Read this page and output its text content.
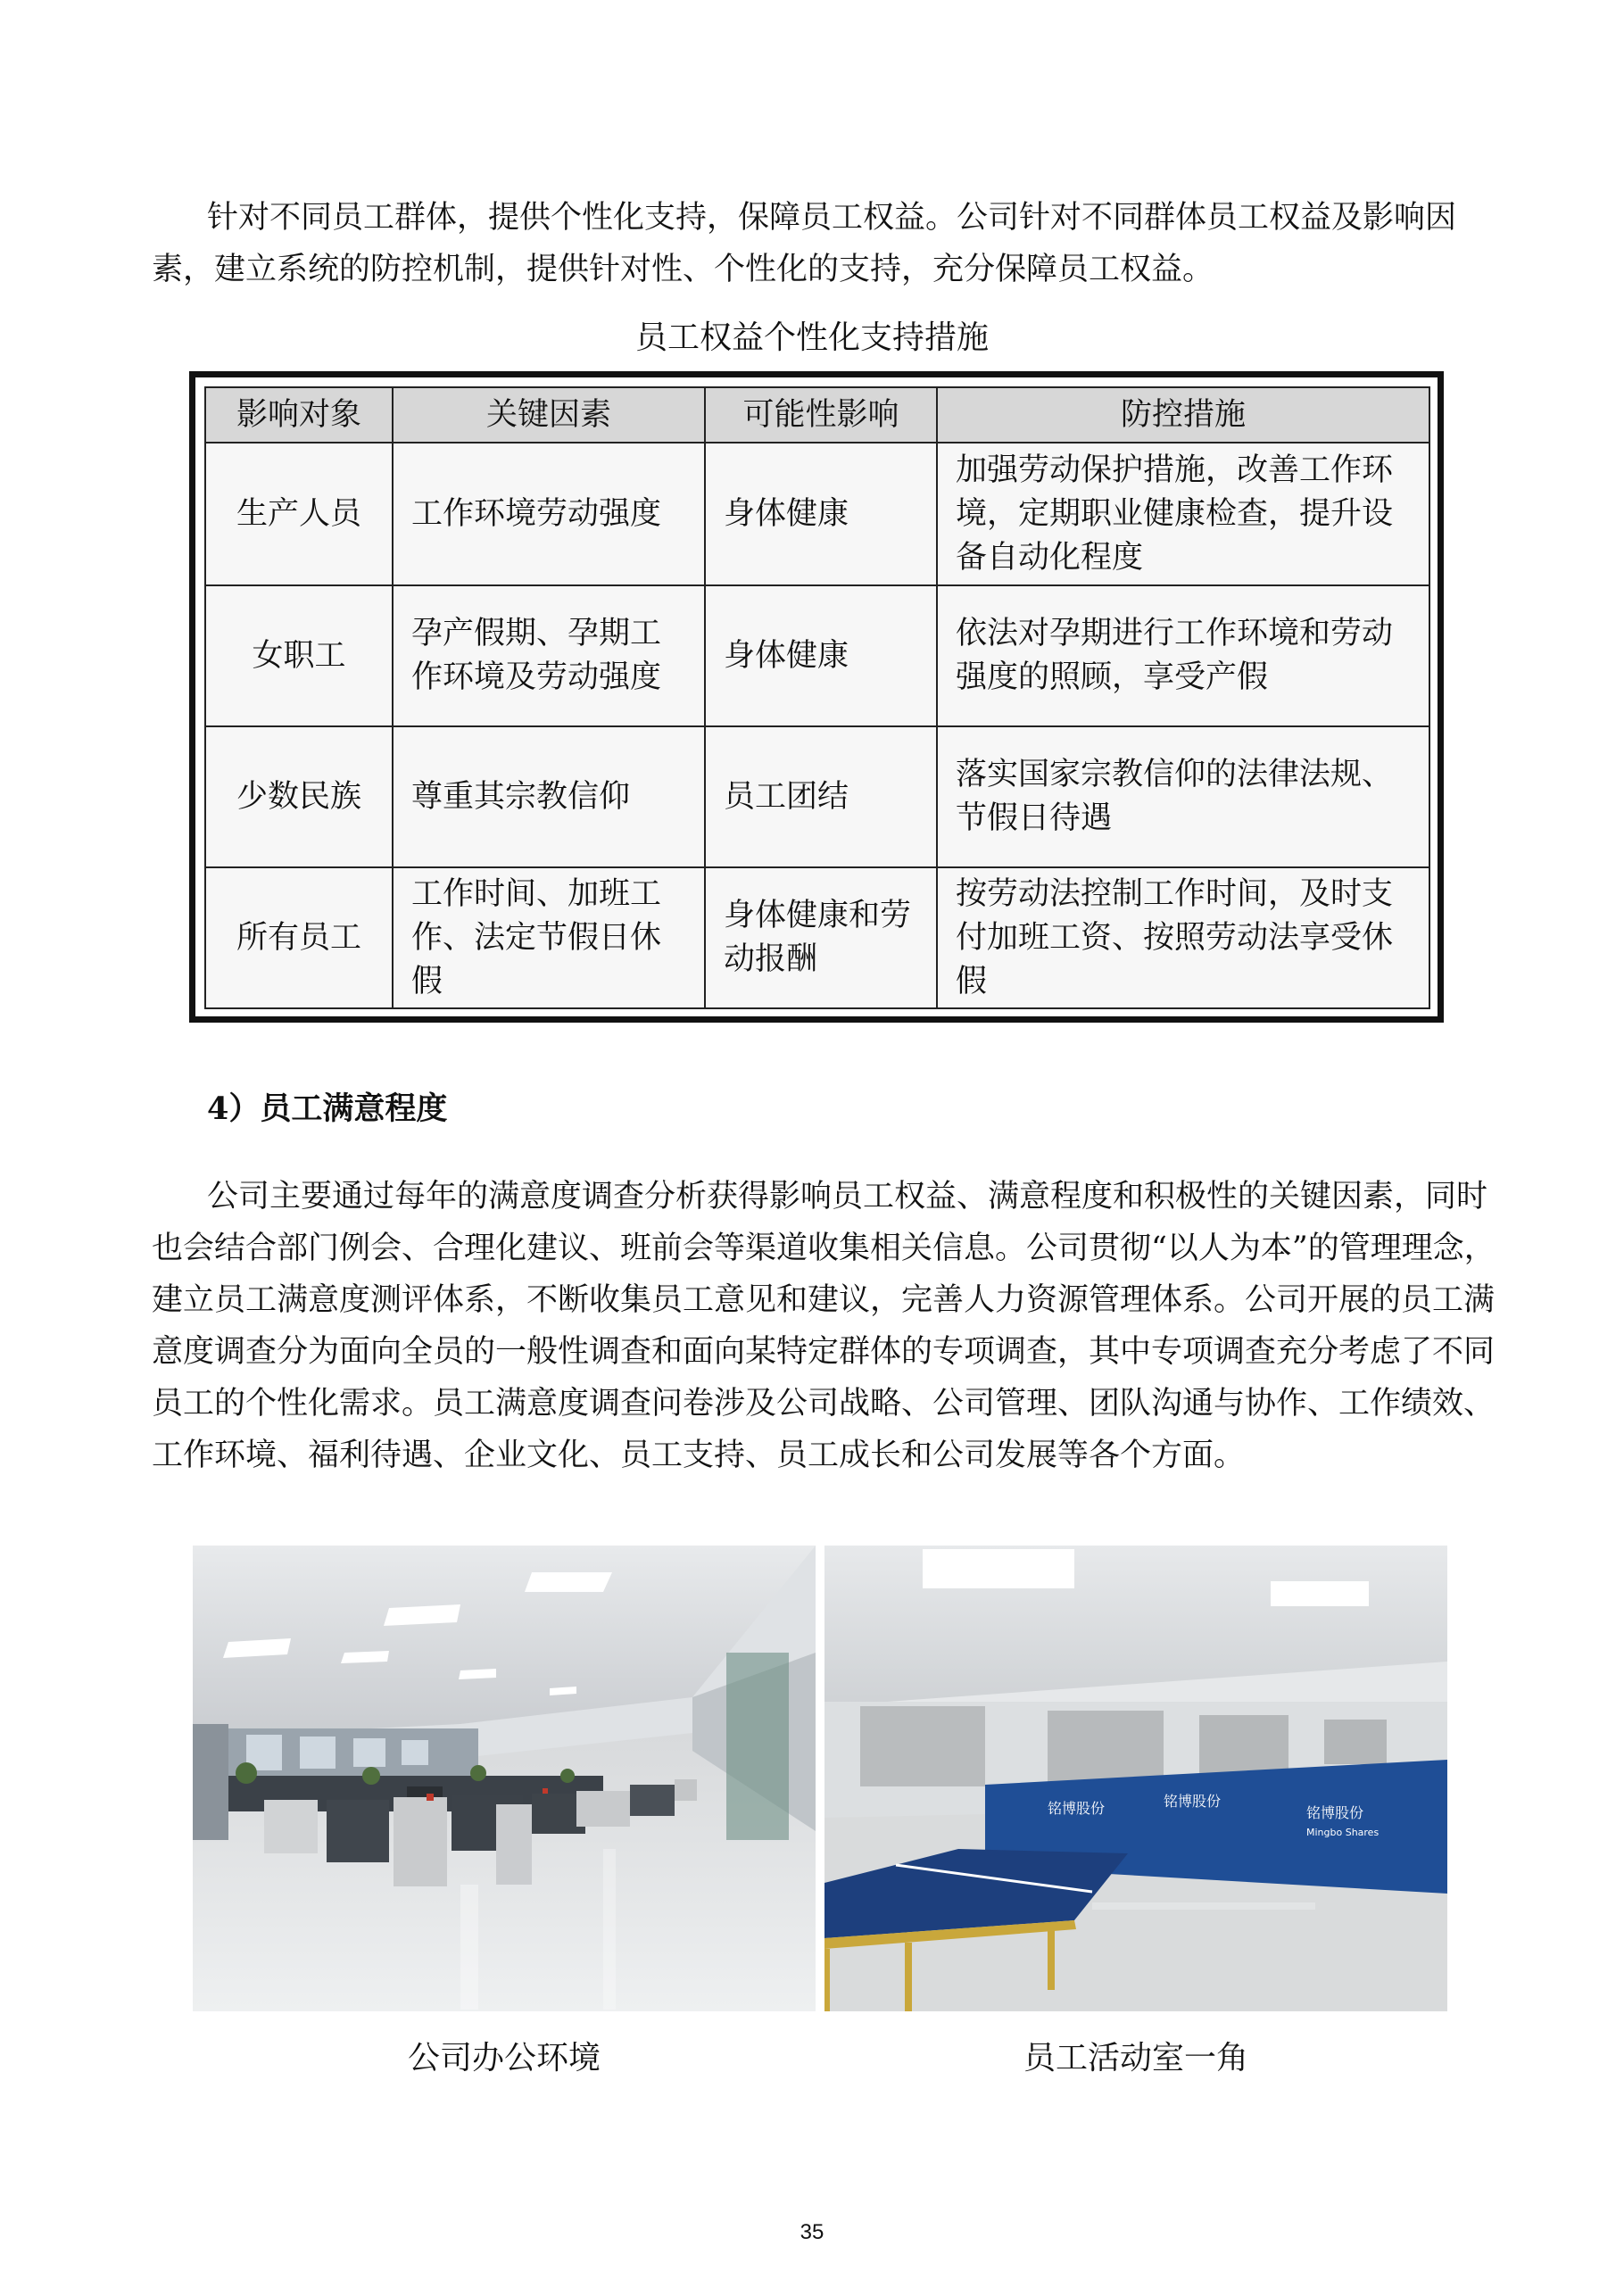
针对不同员工群体，提供个性化支持，保障员工权益。公司针对不同群体员工权益及影响因素，建立系统的防控机制，提供针对性、个性化的支持，充分保障员工权益。

员工权益个性化支持措施
影响对象	关键因素	可能性影响	防控措施
生产人员	工作环境劳动强度	身体健康	加强劳动保护措施，改善工作环境，定期职业健康检查，提升设备自动化程度
女职工	孕产假期、孕期工作环境及劳动强度	身体健康	依法对孕期进行工作环境和劳动强度的照顾，享受产假
少数民族	尊重其宗教信仰	员工团结	落实国家宗教信仰的法律法规、节假日待遇
所有员工	工作时间、加班工作、法定节假日休假	身体健康和劳动报酬	按劳动法控制工作时间，及时支付加班工资、按照劳动法享受休假
4）员工满意程度

公司主要通过每年的满意度调查分析获得影响员工权益、满意程度和积极性的关键因素，同时也会结合部门例会、合理化建议、班前会等渠道收集相关信息。公司贯彻“以人为本”的管理理念，建立员工满意度测评体系，不断收集员工意见和建议，完善人力资源管理体系。公司开展的员工满意度调查分为面向全员的一般性调查和面向某特定群体的专项调查，其中专项调查充分考虑了不同员工的个性化需求。员工满意度调查问卷涉及公司战略、公司管理、团队沟通与协作、工作绩效、工作环境、福利待遇、企业文化、员工支持、员工成长和公司发展等各个方面。

铭博股份	铭博股份
铭博股份
Mingbo Shares
公司办公环境	员工活动室一角
35
